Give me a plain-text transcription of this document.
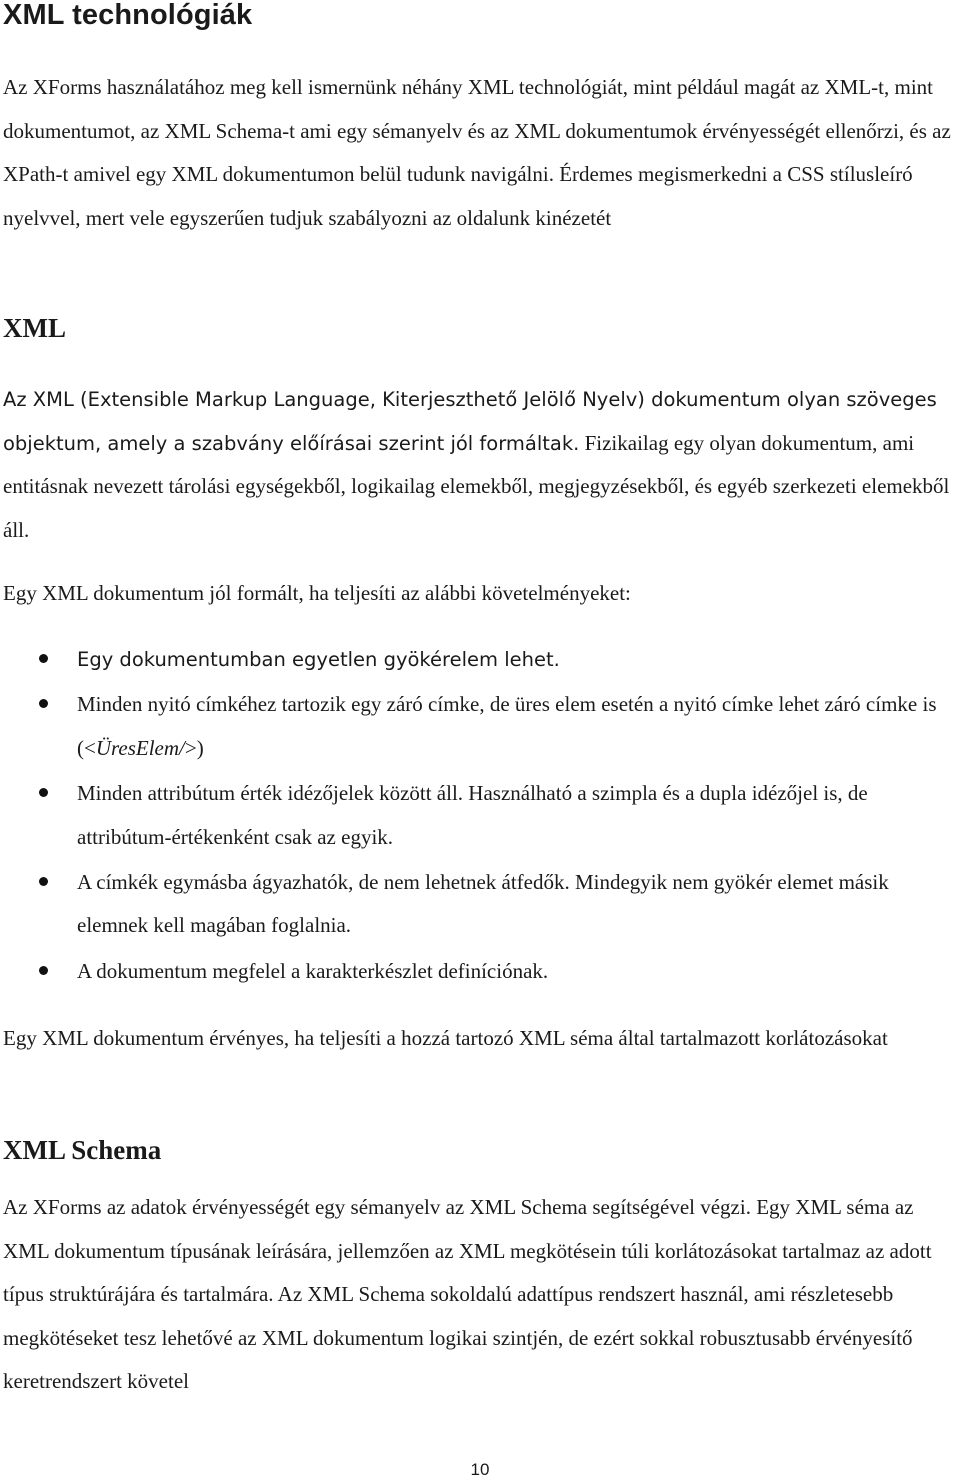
XML technológiák

Az XForms használatához meg kell ismernünk néhány XML technológiát, mint például magát az XML-t, mint dokumentumot, az XML Schema-t ami egy sémanyelv és az XML dokumentumok érvényességét ellenőrzi, és az XPath-t amivel egy XML dokumentumon belül tudunk navigálni. Érdemes megismerkedni a CSS stílusleíró nyelvvel, mert vele egyszerűen tudjuk szabályozni az oldalunk kinézetét

XML

Az XML (Extensible Markup Language, Kiterjeszthető Jelölő Nyelv) dokumentum olyan szöveges objektum, amely a szabvány előírásai szerint jól formáltak. Fizikailag egy olyan dokumentum, ami entitásnak nevezett tárolási egységekből, logikailag elemekből, megjegyzésekből, és egyéb szerkezeti elemekből áll.

Egy XML dokumentum jól formált, ha teljesíti az alábbi követelményeket:

Egy dokumentumban egyetlen gyökérelem lehet.
Minden nyitó címkéhez tartozik egy záró címke, de üres elem esetén a nyitó címke lehet záró címke is (<ÜresElem/>)
Minden attribútum érték idézőjelek között áll. Használható a szimpla és a dupla idézőjel is, de attribútum-értékenként csak az egyik.
A címkék egymásba ágyazhatók, de nem lehetnek átfedők. Mindegyik nem gyökér elemet másik elemnek kell magában foglalnia.
A dokumentum megfelel a karakterkészlet definíciónak.

Egy XML dokumentum érvényes, ha teljesíti a hozzá tartozó XML séma által tartalmazott korlátozásokat

XML Schema

Az XForms az adatok érvényességét egy sémanyelv az XML Schema segítségével végzi. Egy XML séma az XML dokumentum típusának leírására, jellemzően az XML megkötésein túli korlátozásokat tartalmaz az adott típus struktúrájára és tartalmára. Az XML Schema sokoldalú adattípus rendszert használ, ami részletesebb megkötéseket tesz lehetővé az XML dokumentum logikai szintjén, de ezért sokkal robusztusabb érvényesítő keretrendszert követel

10
